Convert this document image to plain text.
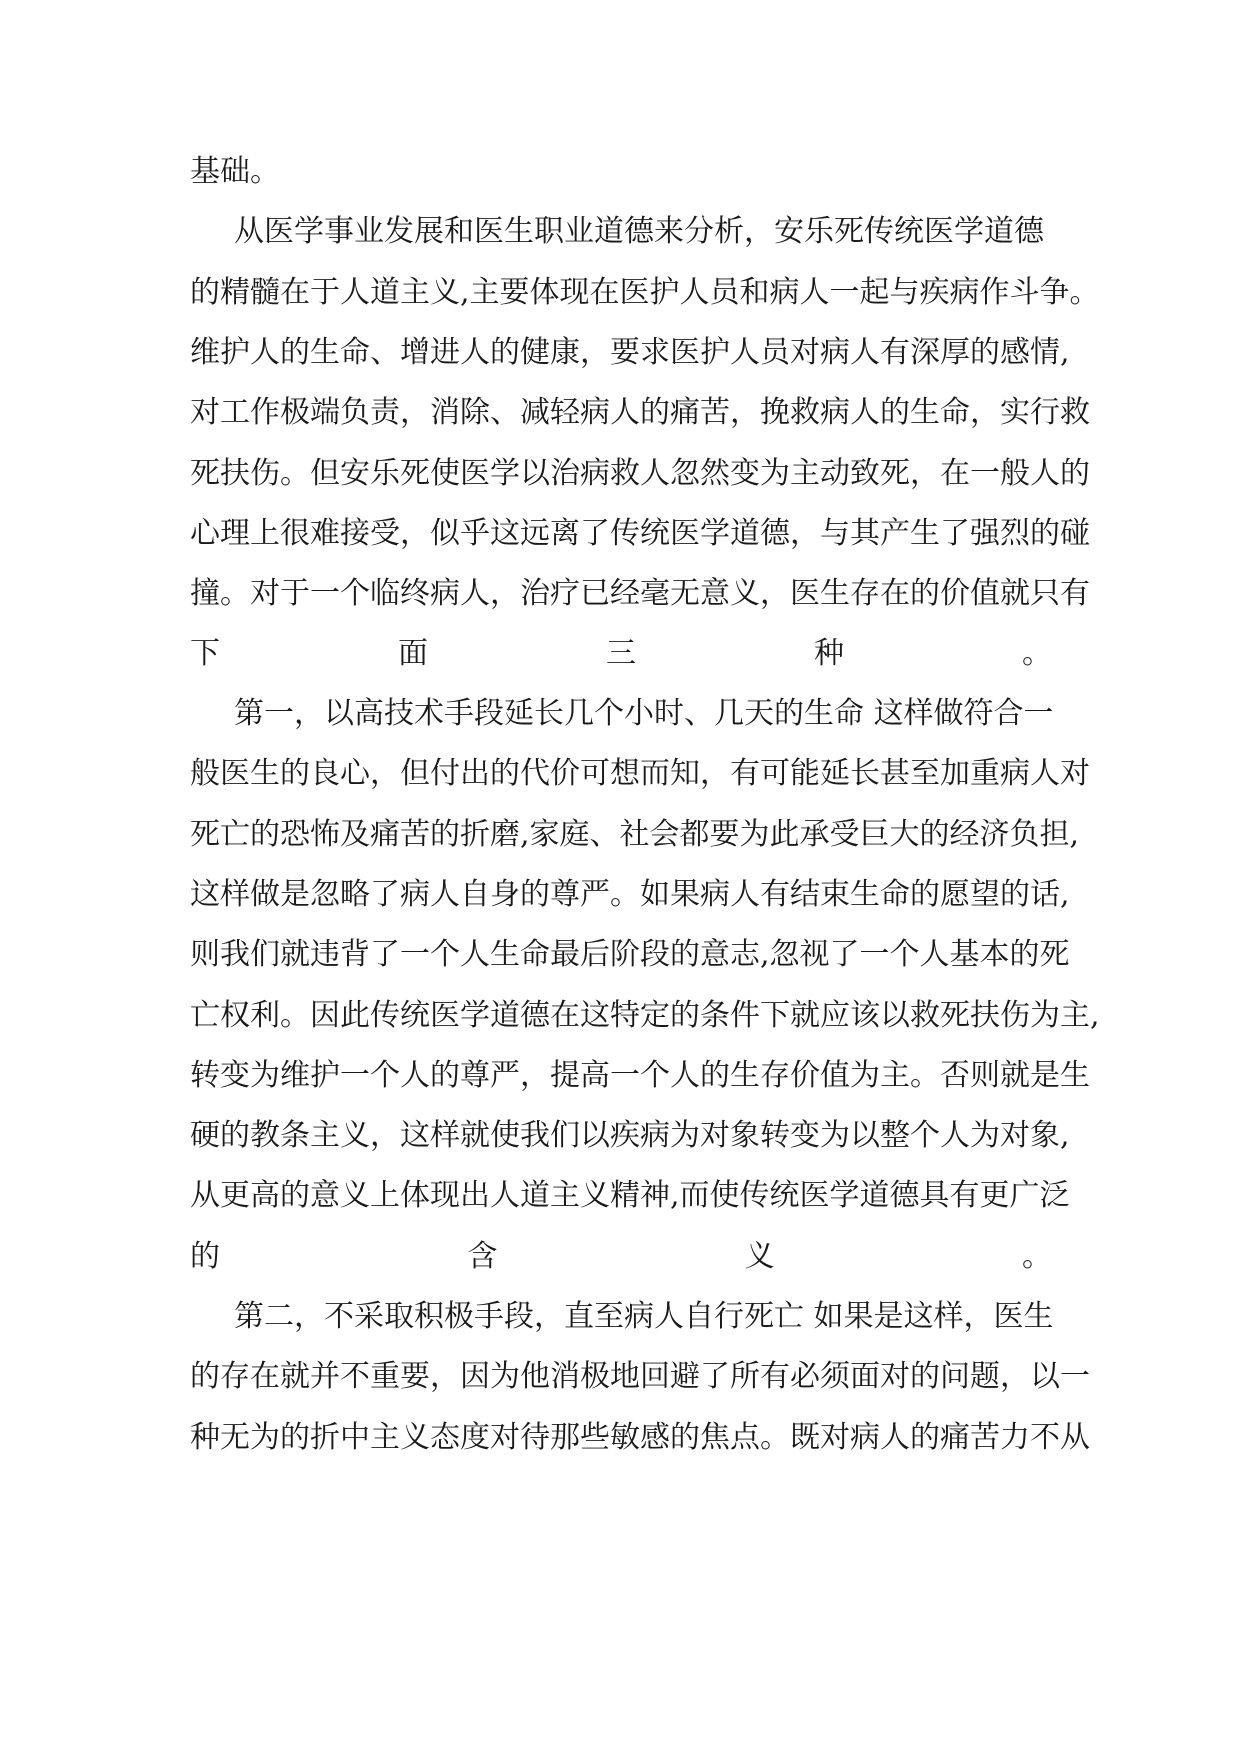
基础。
从医学事业发展和医生职业道德来分析，安乐死传统医学道德
的精髓在于人道主义,主要体现在医护人员和病人一起与疾病作斗争。
维护人的生命、增进人的健康，要求医护人员对病人有深厚的感情,
对工作极端负责，消除、减轻病人的痛苦，挽救病人的生命，实行救
死扶伤。但安乐死使医学以治病救人忽然变为主动致死，在一般人的
心理上很难接受，似乎这远离了传统医学道德，与其产生了强烈的碰
撞。对于一个临终病人，治疗已经毫无意义，医生存在的价值就只有
下	面	三	种	。
第一，以高技术手段延长几个小时、几天的生命 这样做符合一
般医生的良心，但付出的代价可想而知，有可能延长甚至加重病人对
死亡的恐怖及痛苦的折磨,家庭、社会都要为此承受巨大的经济负担,
这样做是忽略了病人自身的尊严。如果病人有结束生命的愿望的话,
则我们就违背了一个人生命最后阶段的意志,忽视了一个人基本的死
亡权利。因此传统医学道德在这特定的条件下就应该以救死扶伤为主,
转变为维护一个人的尊严，提高一个人的生存价值为主。否则就是生
硬的教条主义，这样就使我们以疾病为对象转变为以整个人为对象,
从更高的意义上体现出人道主义精神,而使传统医学道德具有更广泛
的	含	义	。
第二，不采取积极手段，直至病人自行死亡 如果是这样，医生
的存在就并不重要，因为他消极地回避了所有必须面对的问题，以一
种无为的折中主义态度对待那些敏感的焦点。既对病人的痛苦力不从
